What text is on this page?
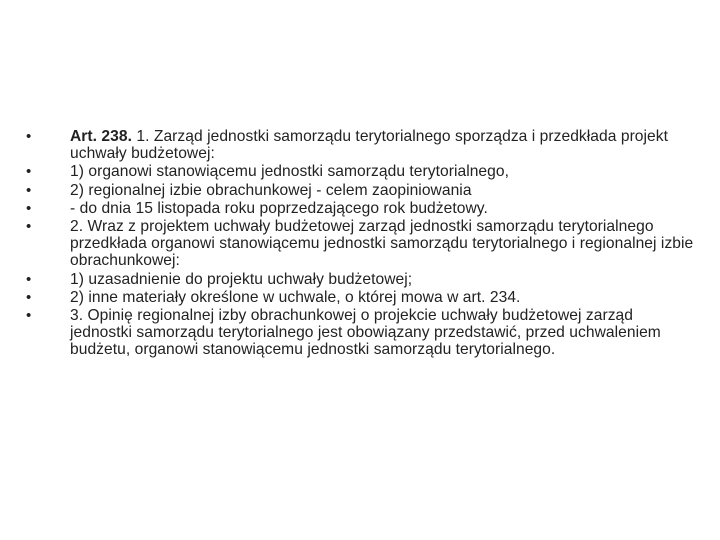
•	Art. 238. 1. Zarząd jednostki samorządu terytorialnego sporządza i przedkłada projekt uchwały budżetowej:
•	1) organowi stanowiącemu jednostki samorządu terytorialnego,
•	2) regionalnej izbie obrachunkowej - celem zaopiniowania
•	- do dnia 15 listopada roku poprzedzającego rok budżetowy.
•	2. Wraz z projektem uchwały budżetowej zarząd jednostki samorządu terytorialnego przedkłada organowi stanowiącemu jednostki samorządu terytorialnego i regionalnej izbie obrachunkowej:
•	1) uzasadnienie do projektu uchwały budżetowej;
•	2) inne materiały określone w uchwale, o której mowa w art. 234.
•	3. Opinię regionalnej izby obrachunkowej o projekcie uchwały budżetowej zarząd jednostki samorządu terytorialnego jest obowiązany przedstawić, przed uchwaleniem budżetu, organowi stanowiącemu jednostki samorządu terytorialnego.
